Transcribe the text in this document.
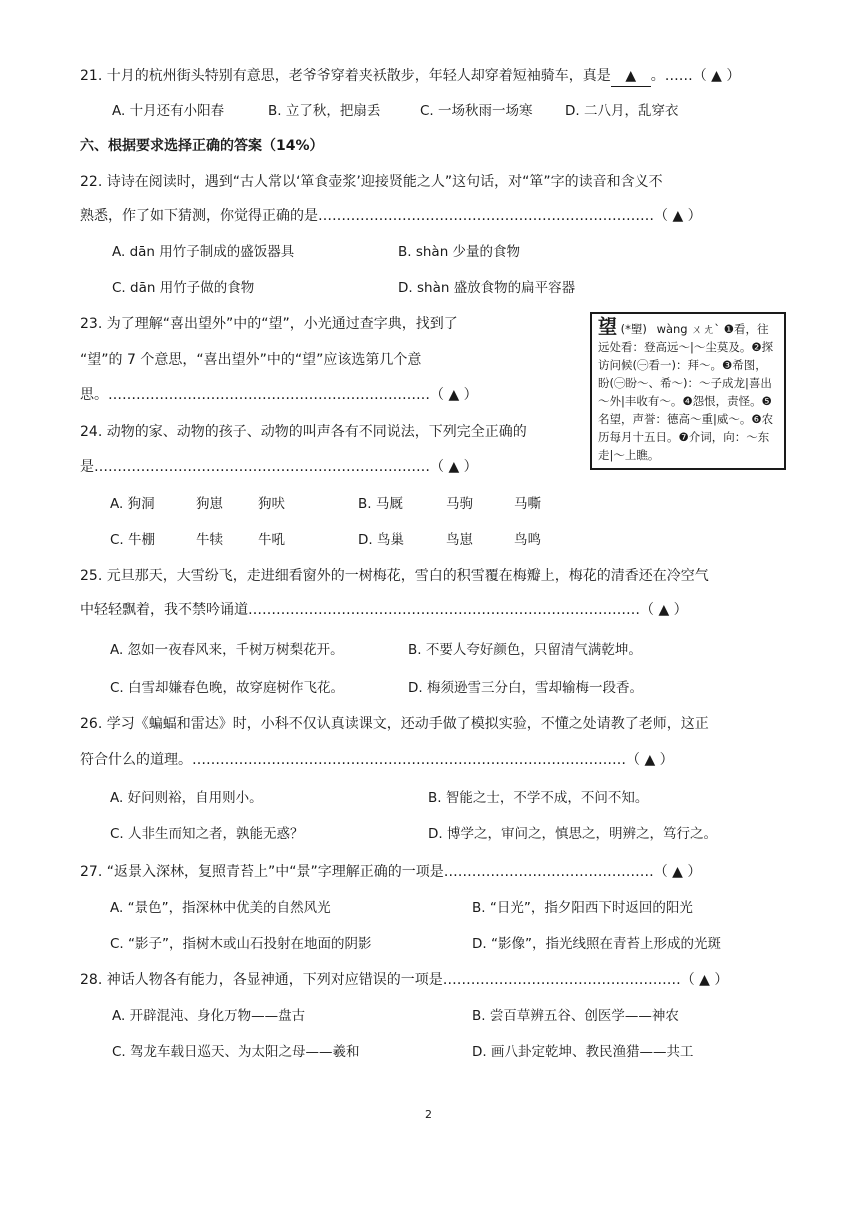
21. 十月的杭州街头特别有意思，老爷爷穿着夹袄散步，年轻人却穿着短袖骑车，真是 ▲ 。……（ ▲ ）
A. 十月还有小阳春	B. 立了秋，把扇丢	C. 一场秋雨一场寒 D. 二八月，乱穿衣
六、根据要求选择正确的答案（14%）
22. 诗诗在阅读时，遇到“古人常以‘箪食壶浆’迎接贤能之人”这句话，对“箪”字的读音和含义不
熟悉，作了如下猜测，你觉得正确的是………………………………………………………………（ ▲ ）
A. dān 用竹子制成的盛饭器具	B. shàn 少量的食物
C. dān 用竹子做的食物	D. shàn 盛放食物的扁平容器
23. 为了理解“喜出望外”中的“望”，小光通过查字典，找到了
“望”的 7 个意思，“喜出望外”中的“望”应该选第几个意
思。……………………………………………………………（ ▲ ）
望 (*朢) wàng ㄨㄤˋ ❶看，往远处看：登高远～|～尘莫及。❷探访问候(㊀看一)：拜～。❸希图，盼(㊀盼～、希～)：～子成龙|喜出～外|丰收有～。❹怨恨，责怪。❺名望，声誉：德高～重|威～。❻农历每月十五日。❼介词，向：～东走|～上瞧。
24. 动物的家、动物的孩子、动物的叫声各有不同说法，下列完全正确的
是………………………………………………………………（ ▲ ）
A. 狗洞	狗崽	狗吠	B. 马厩	马驹	马嘶
C. 牛棚	牛犊	牛吼	D. 鸟巢	鸟崽	鸟鸣
25. 元旦那天，大雪纷飞，走进细看窗外的一树梅花，雪白的积雪覆在梅瓣上，梅花的清香还在冷空气
中轻轻飘着，我不禁吟诵道…………………………………………………………………………（ ▲ ）
A. 忽如一夜春风来，千树万树梨花开。	B. 不要人夸好颜色，只留清气满乾坤。
C. 白雪却嫌春色晚，故穿庭树作飞花。	D. 梅须逊雪三分白，雪却输梅一段香。
26. 学习《蝙蝠和雷达》时，小科不仅认真读课文，还动手做了模拟实验，不懂之处请教了老师，这正
符合什么的道理。…………………………………………………………………………………（ ▲ ）
A. 好问则裕，自用则小。	B. 智能之士，不学不成，不问不知。
C. 人非生而知之者，孰能无惑？	D. 博学之，审问之，慎思之，明辨之，笃行之。
27. “返景入深林，复照青苔上”中“景”字理解正确的一项是………………………………………（ ▲ ）
A. “景色”，指深林中优美的自然风光	B. “日光”，指夕阳西下时返回的阳光
C. “影子”，指树木或山石投射在地面的阴影	D. “影像”，指光线照在青苔上形成的光斑
28. 神话人物各有能力，各显神通，下列对应错误的一项是……………………………………………（ ▲ ）
A. 开辟混沌、身化万物——盘古	B. 尝百草辨五谷、创医学——神农
C. 驾龙车载日巡天、为太阳之母——羲和	D. 画八卦定乾坤、教民渔猎——共工
2
